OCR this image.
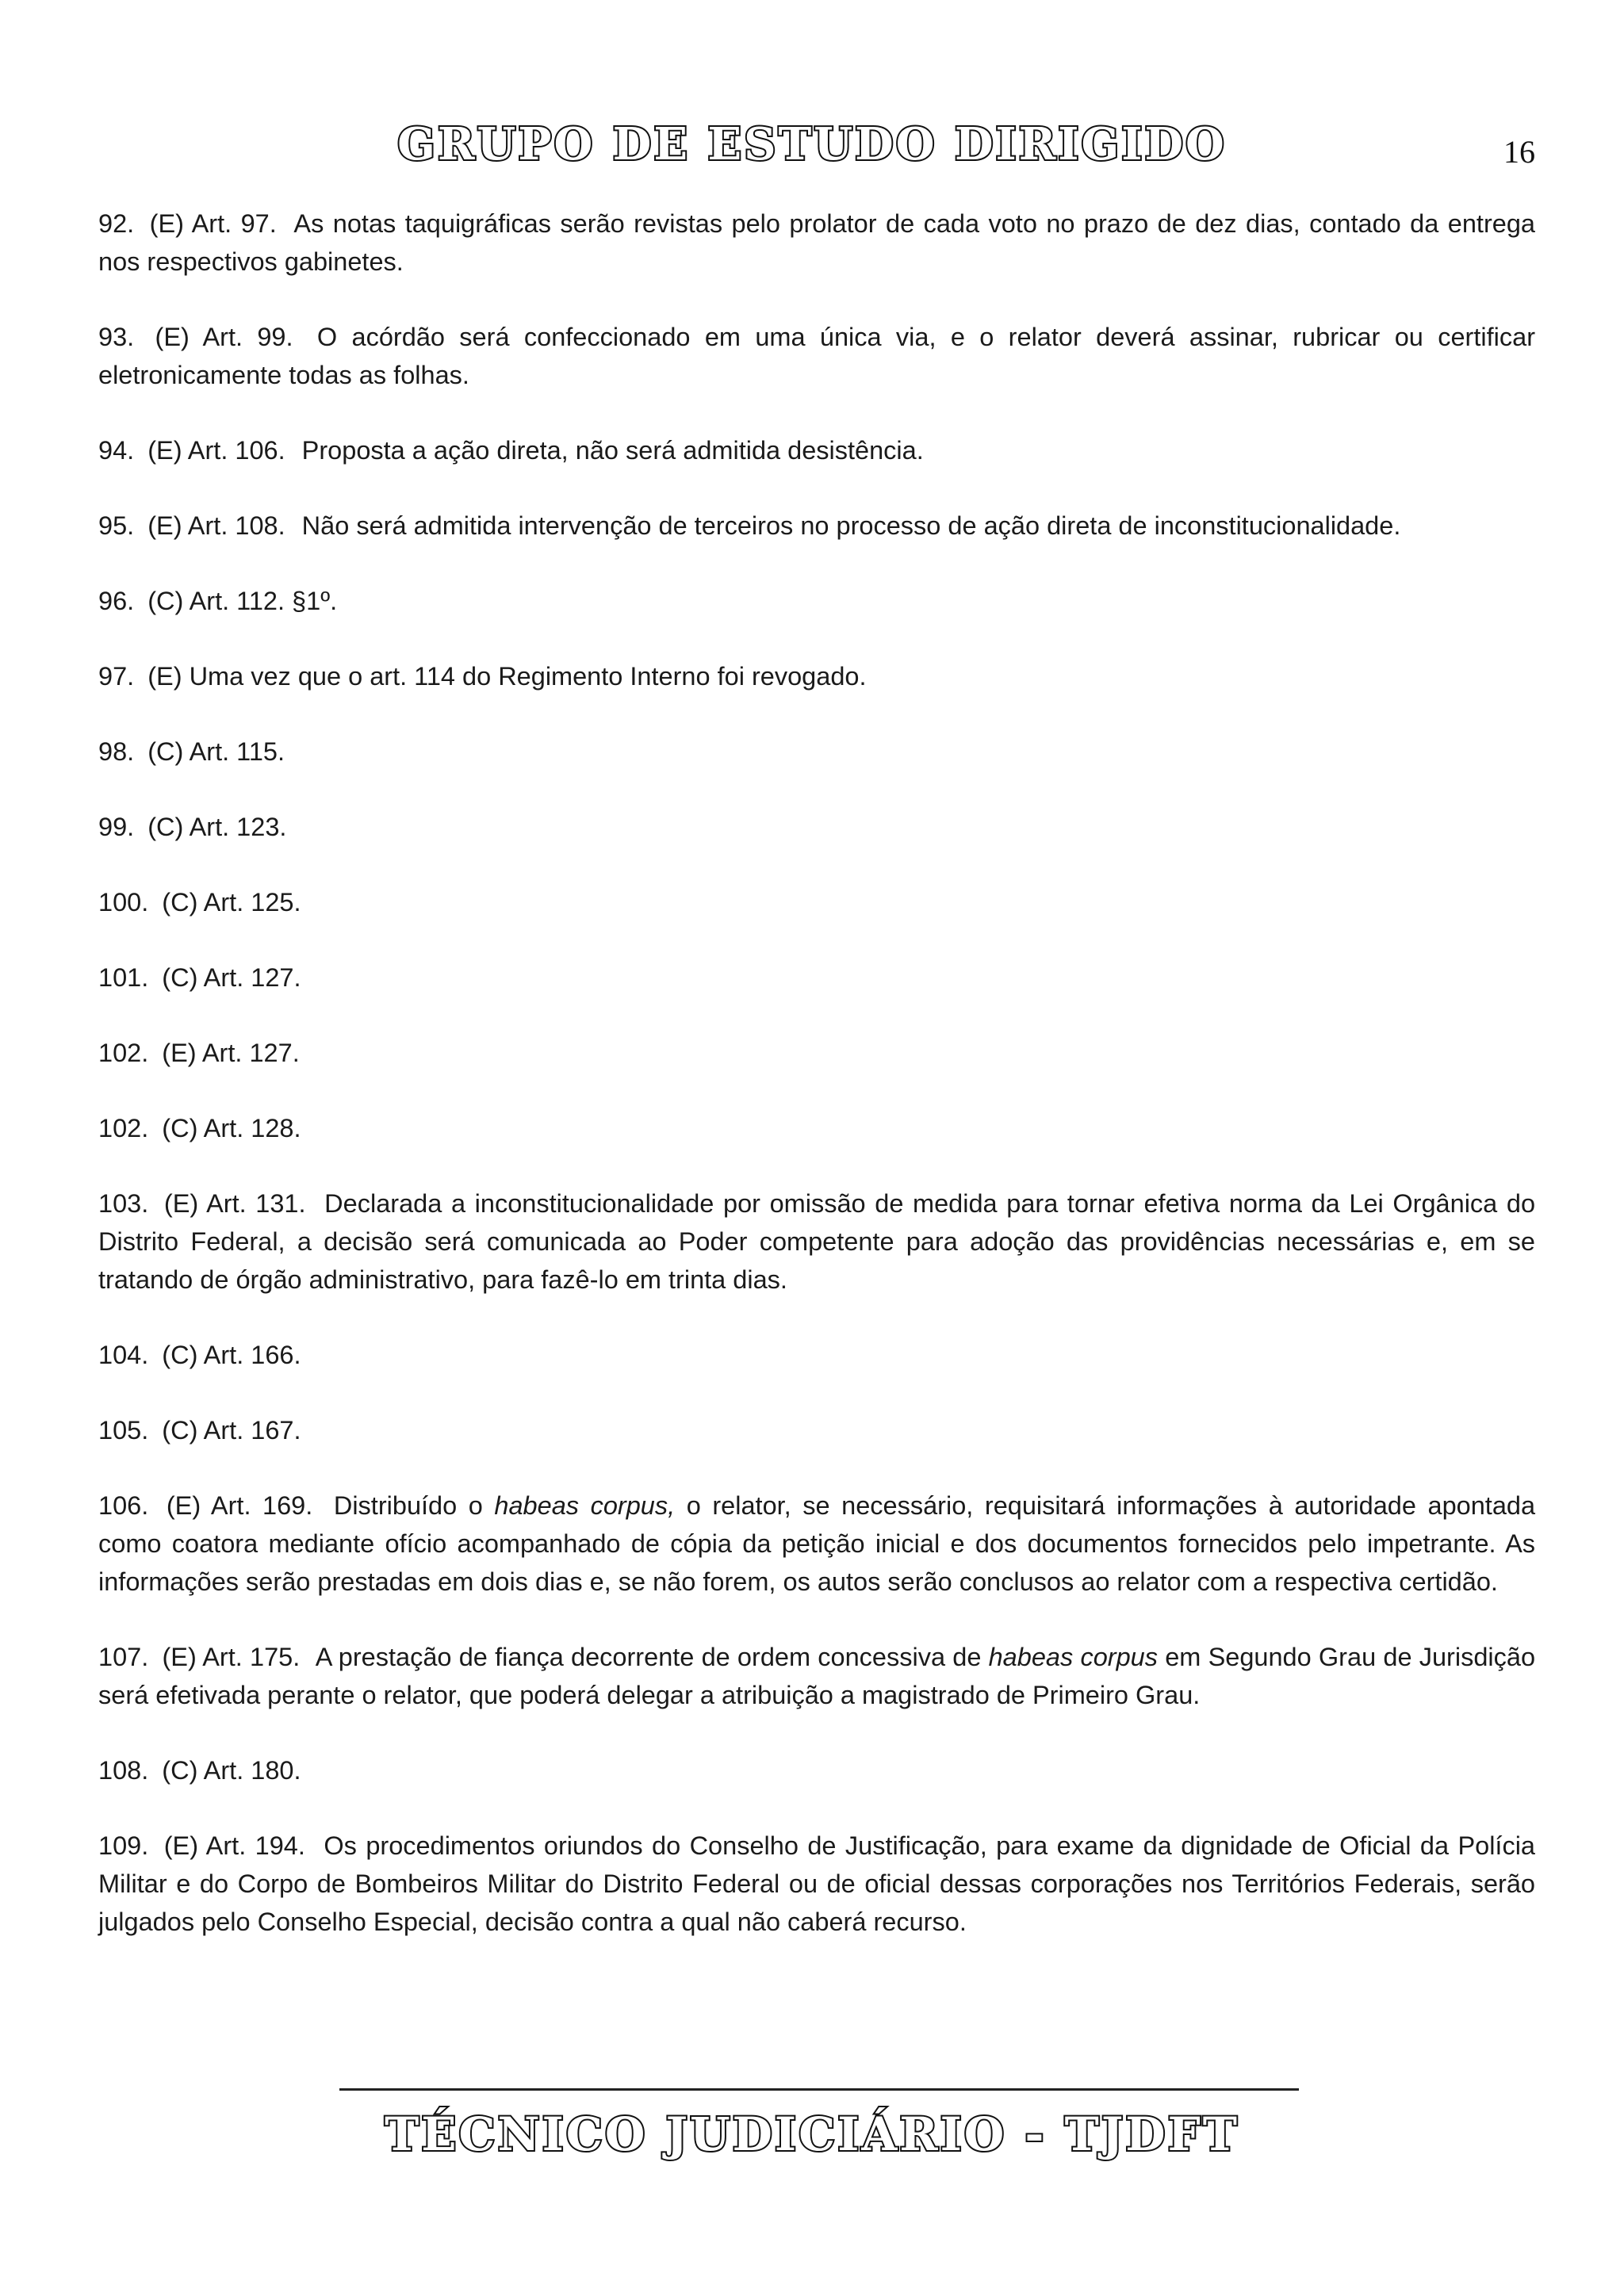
GRUPO DE ESTUDO DIRIGIDO	16

92. (E) Art. 97. As notas taquigráficas serão revistas pelo prolator de cada voto no prazo de dez dias, contado da entrega nos respectivos gabinetes.

93. (E) Art. 99. O acórdão será confeccionado em uma única via, e o relator deverá assinar, rubricar ou certificar eletronicamente todas as folhas.

94. (E) Art. 106. Proposta a ação direta, não será admitida desistência.

95. (E) Art. 108. Não será admitida intervenção de terceiros no processo de ação direta de inconstitucionalidade.

96. (C) Art. 112. §1º.

97. (E) Uma vez que o art. 114 do Regimento Interno foi revogado.

98. (C) Art. 115.

99. (C) Art. 123.

100. (C) Art. 125.

101. (C) Art. 127.

102. (E) Art. 127.

102. (C) Art. 128.

103. (E) Art. 131. Declarada a inconstitucionalidade por omissão de medida para tornar efetiva norma da Lei Orgânica do Distrito Federal, a decisão será comunicada ao Poder competente para adoção das providências necessárias e, em se tratando de órgão administrativo, para fazê-lo em trinta dias.

104. (C) Art. 166.

105. (C) Art. 167.

106. (E) Art. 169. Distribuído o habeas corpus, o relator, se necessário, requisitará informações à autoridade apontada como coatora mediante ofício acompanhado de cópia da petição inicial e dos documentos fornecidos pelo impetrante. As informações serão prestadas em dois dias e, se não forem, os autos serão conclusos ao relator com a respectiva certidão.

107. (E) Art. 175. A prestação de fiança decorrente de ordem concessiva de habeas corpus em Segundo Grau de Jurisdição será efetivada perante o relator, que poderá delegar a atribuição a magistrado de Primeiro Grau.

108. (C) Art. 180.

109. (E) Art. 194. Os procedimentos oriundos do Conselho de Justificação, para exame da dignidade de Oficial da Polícia Militar e do Corpo de Bombeiros Militar do Distrito Federal ou de oficial dessas corporações nos Territórios Federais, serão julgados pelo Conselho Especial, decisão contra a qual não caberá recurso.

TÉCNICO JUDICIÁRIO - TJDFT
